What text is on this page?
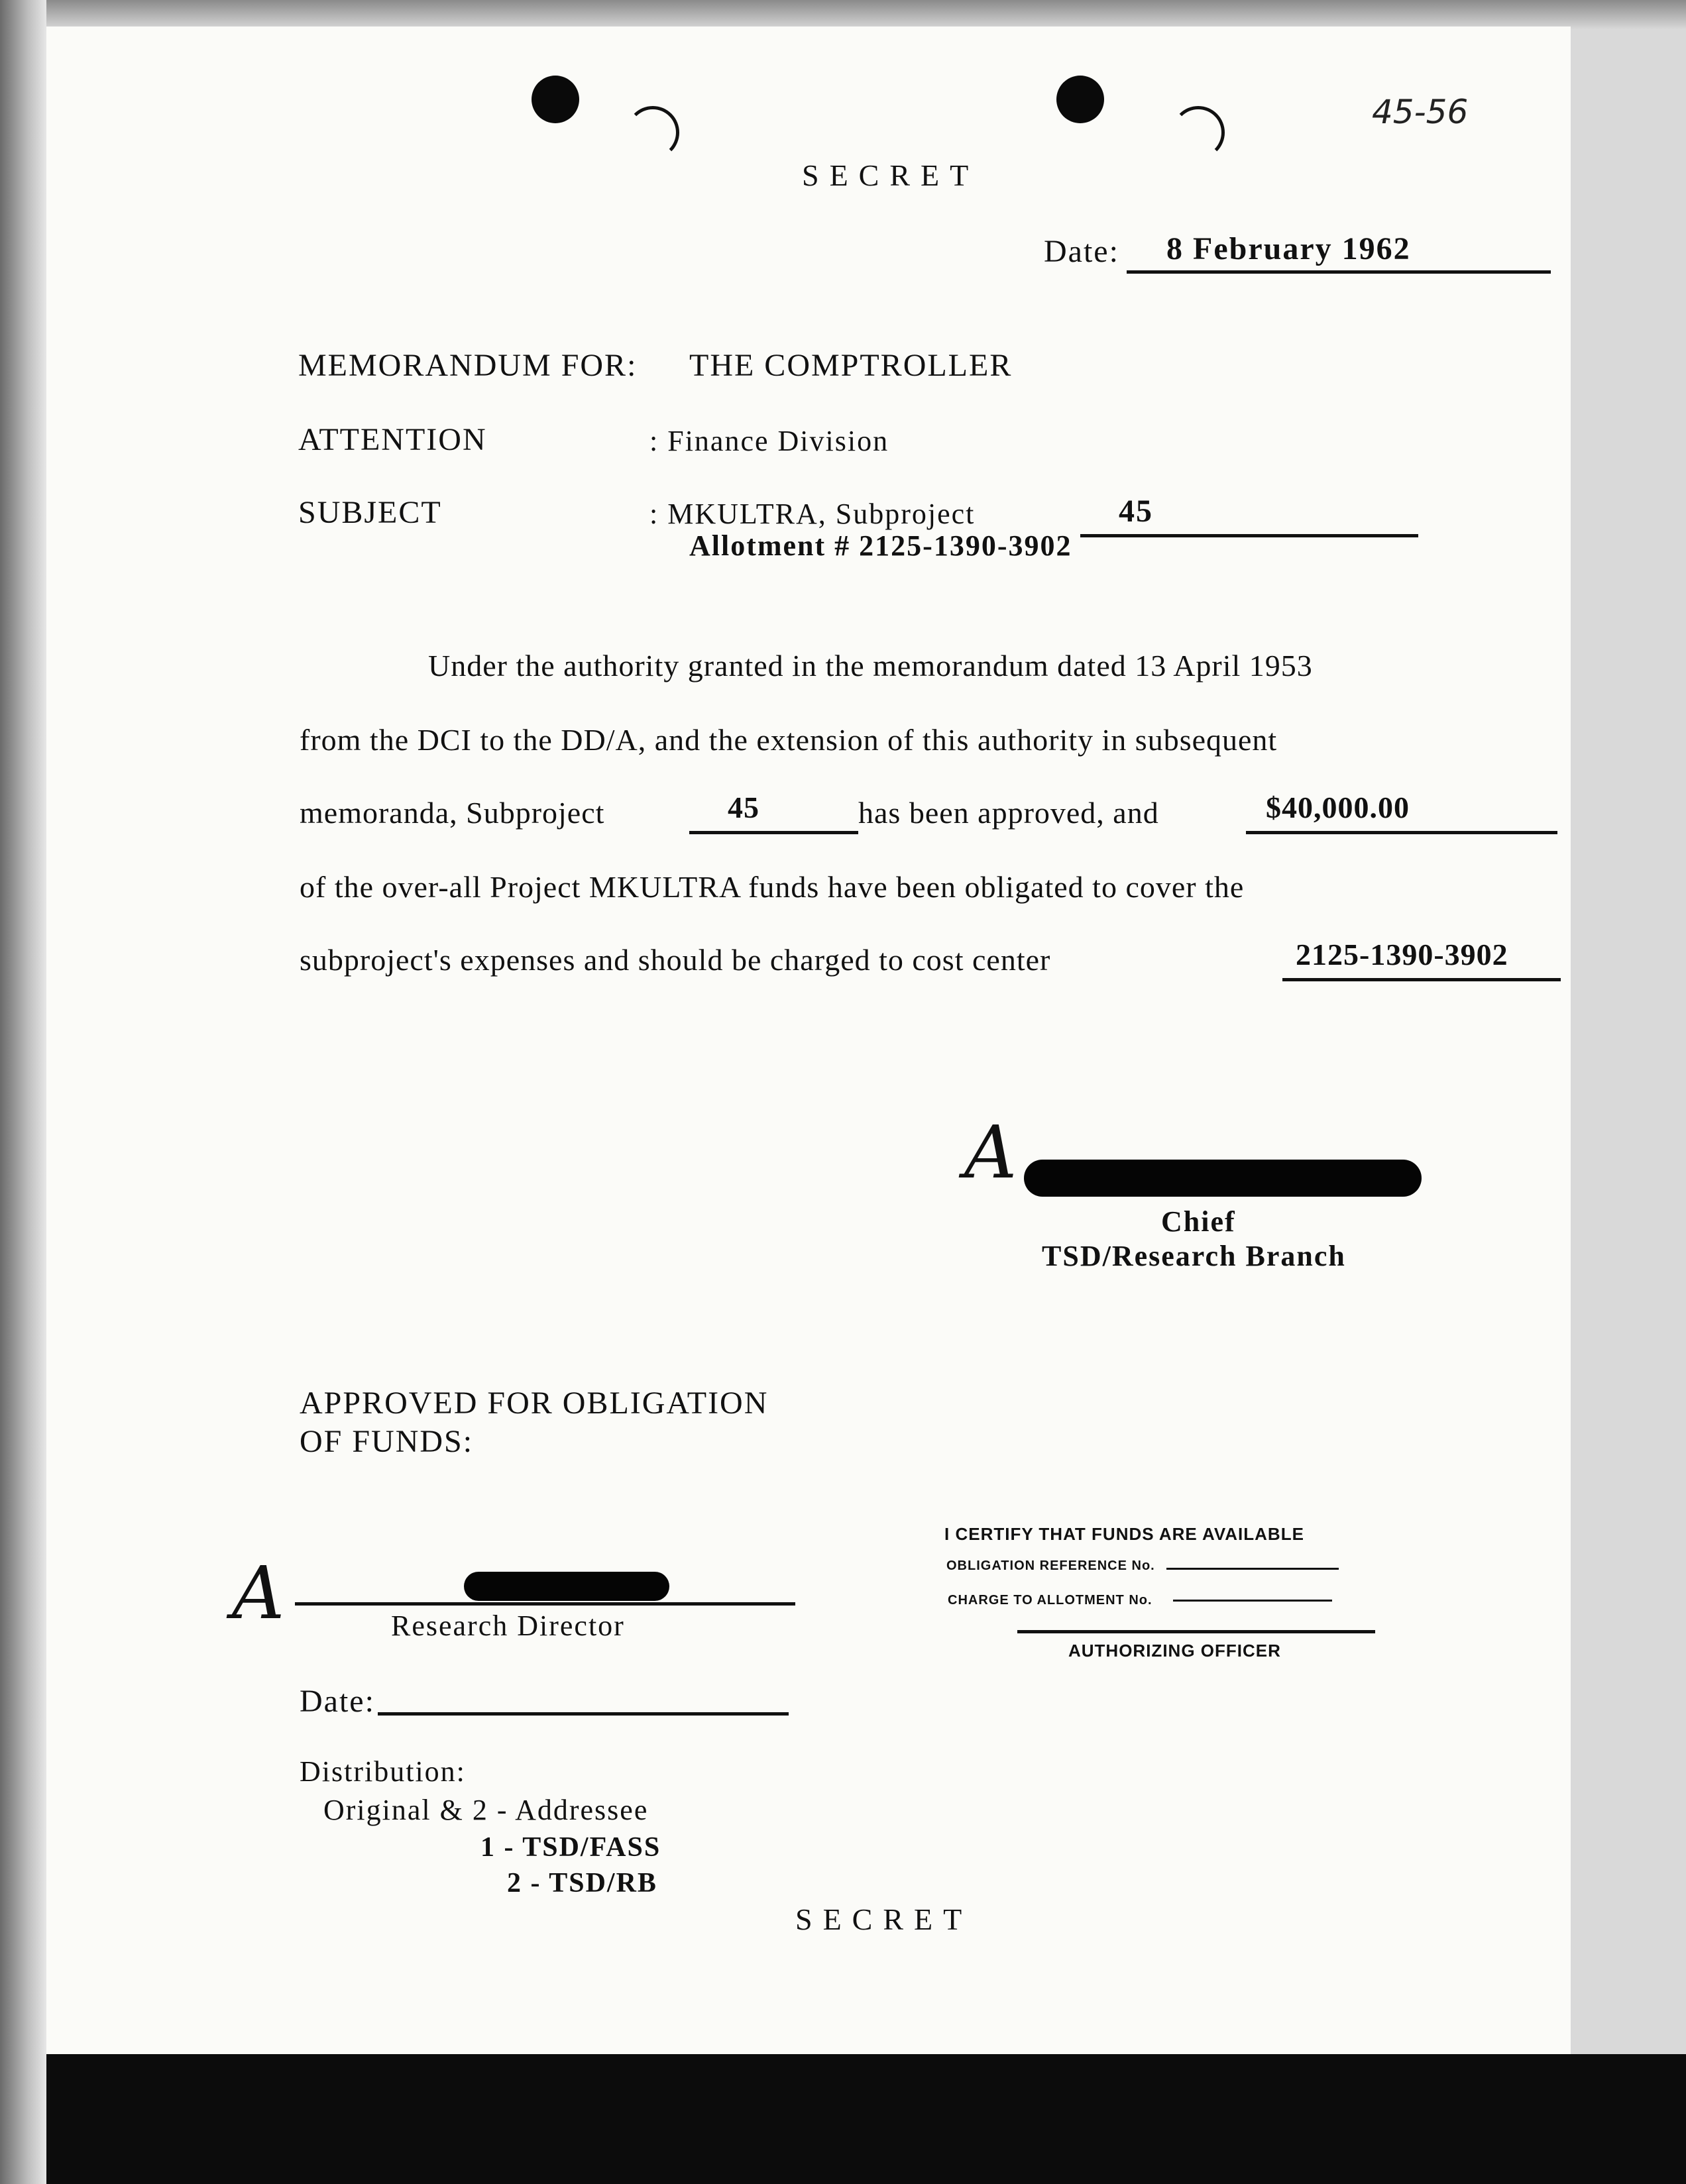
45-56
SECRET
Date: 8 February 1962
MEMORANDUM FOR: THE COMPTROLLER
ATTENTION	: Finance Division
SUBJECT	: MKULTRA, Subproject	45
Allotment # 2125-1390-3902
Under the authority granted in the memorandum dated 13 April 1953
from the DCI to the DD/A, and the extension of this authority in subsequent
memoranda, Subproject	45	has been approved, and	$40,000.00
of the over-all Project MKULTRA funds have been obligated to cover the
subproject's expenses and should be charged to cost center	2125-1390-3902
A
Chief
TSD/Research Branch
APPROVED FOR OBLIGATION
OF FUNDS:
A	Research Director
Date:
Distribution:
Original & 2 - Addressee
1 - TSD/FASS
2 - TSD/RB
I CERTIFY THAT FUNDS ARE AVAILABLE
OBLIGATION REFERENCE No.
CHARGE TO ALLOTMENT No.
AUTHORIZING OFFICER
SECRET
